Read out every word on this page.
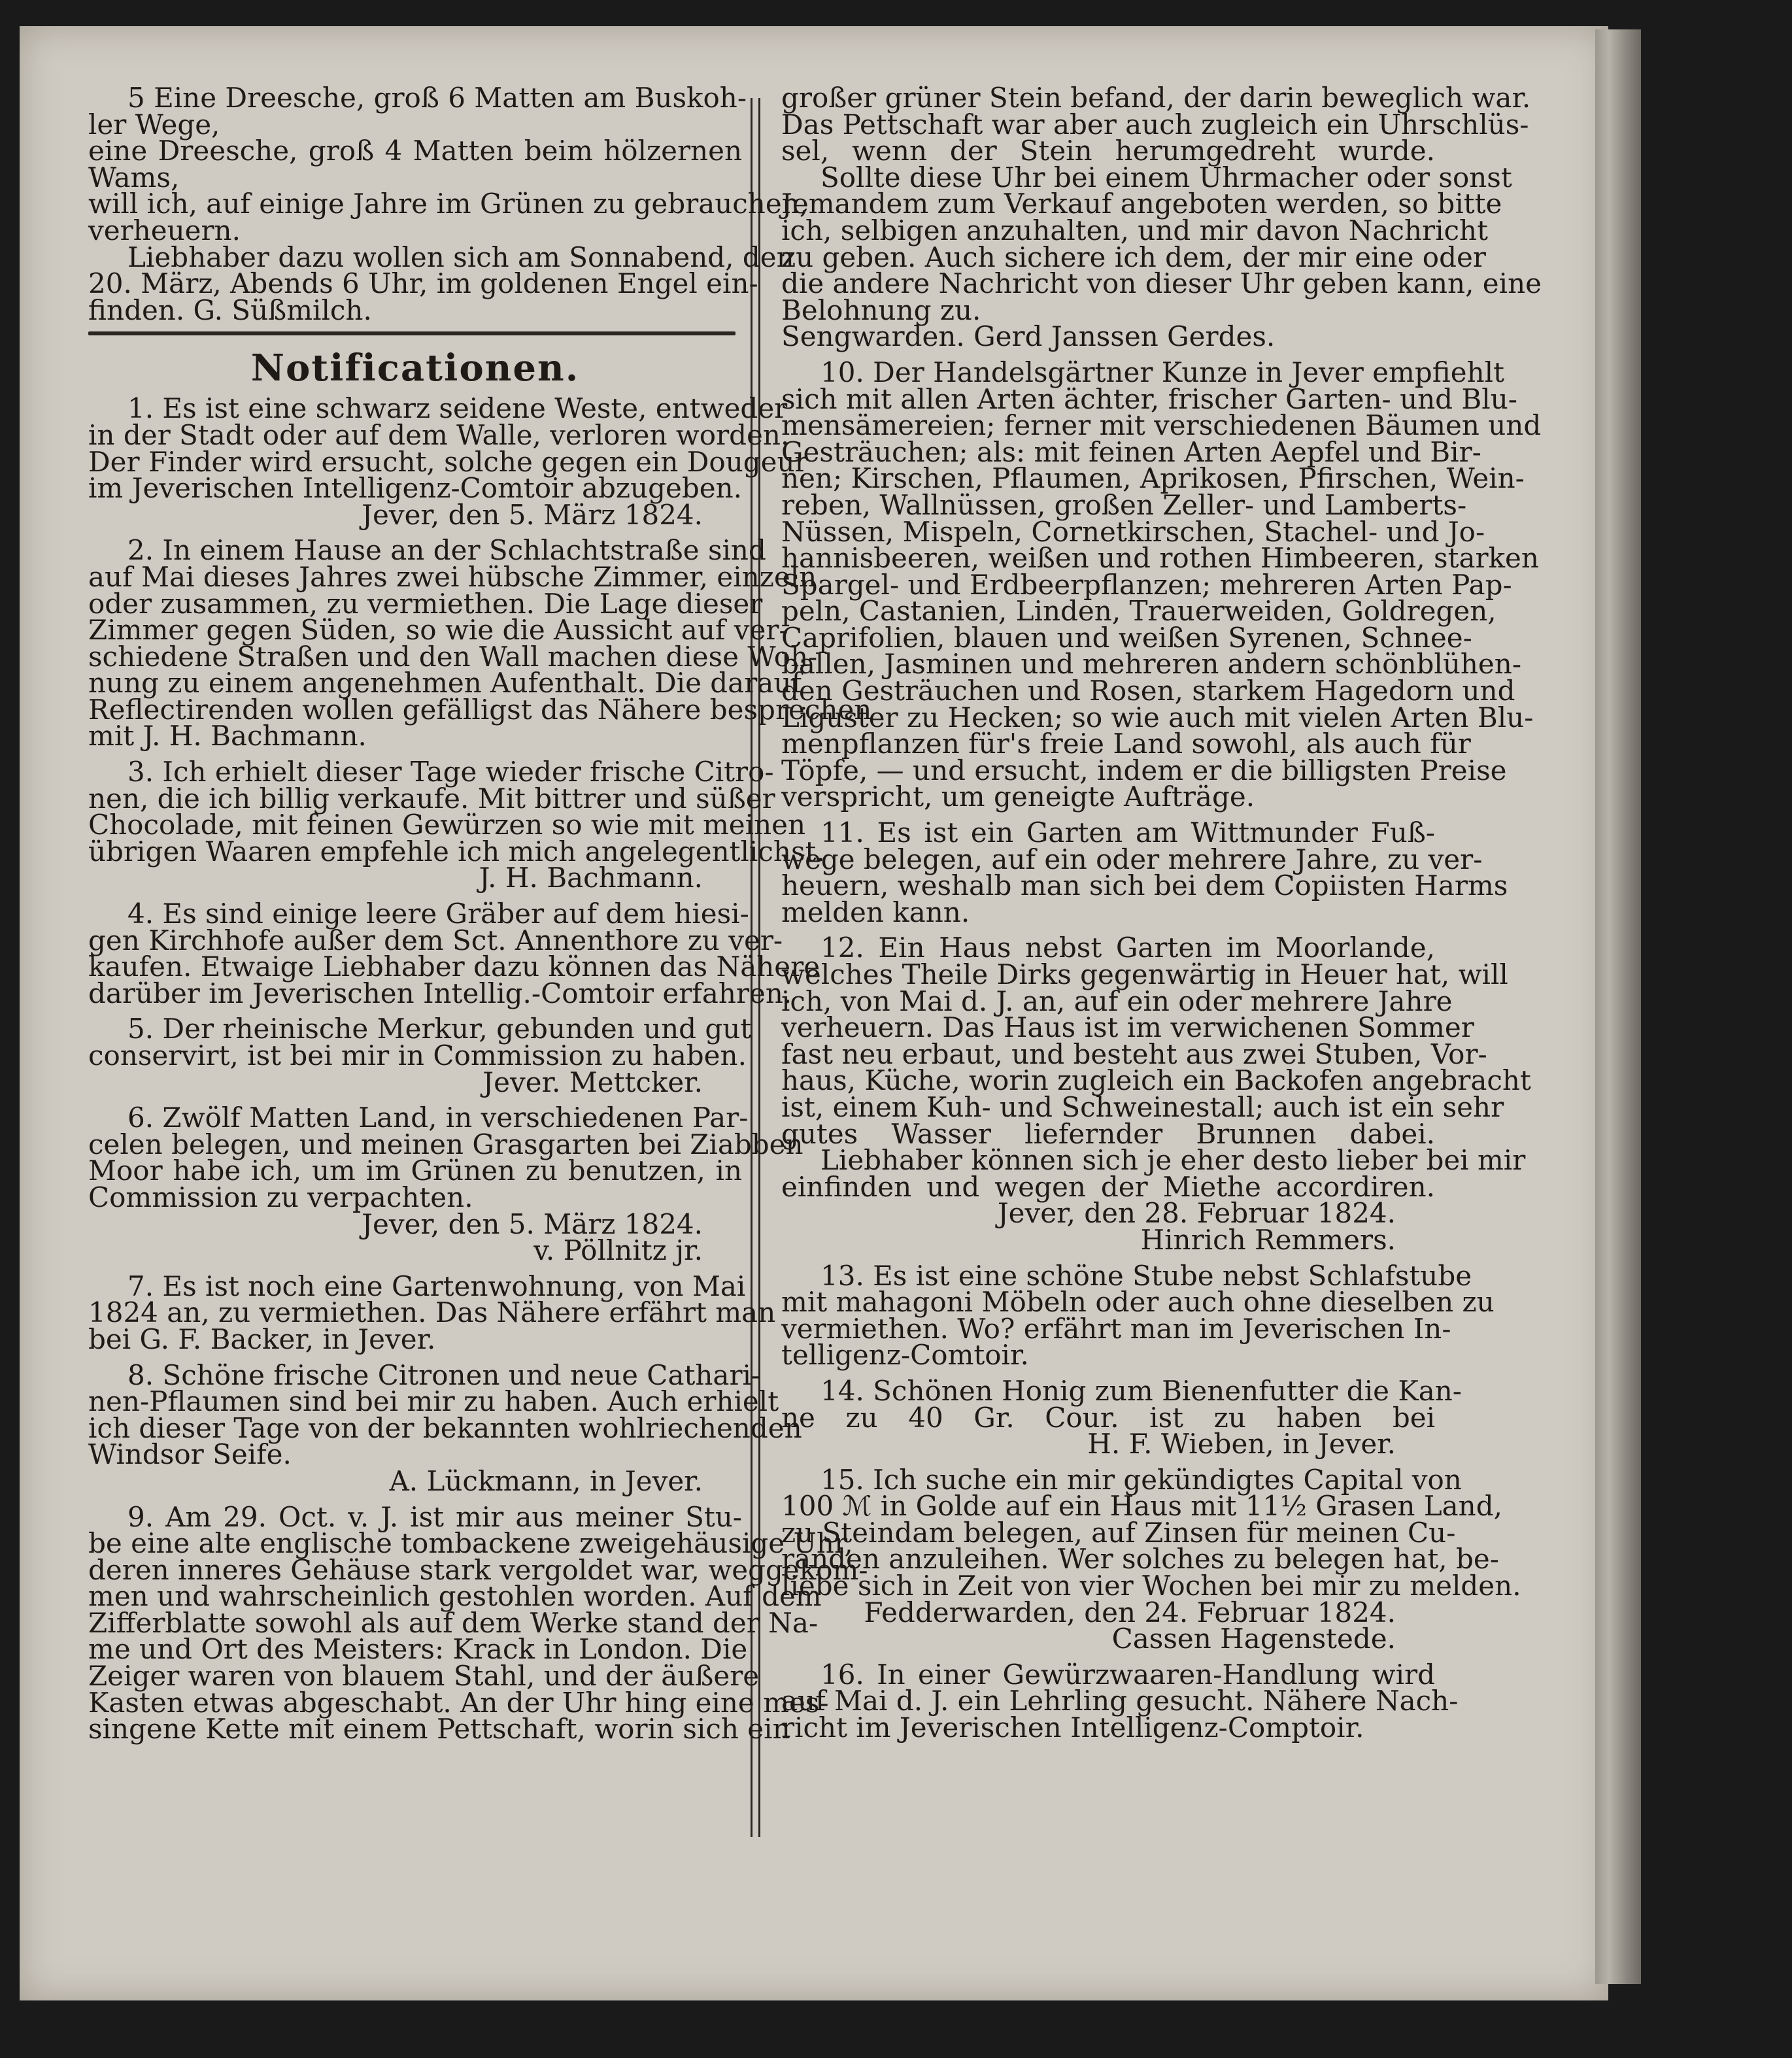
5 Eine Dreesche, groß 6 Matten am Buskoh-
ler Wege,
eine Dreesche, groß 4 Matten beim hölzernen
Wams,
will ich, auf einige Jahre im Grünen zu gebrauchen,
verheuern.
Liebhaber dazu wollen sich am Sonnabend, den
20. März, Abends 6 Uhr, im goldenen Engel ein-
finden. G. Süßmilch.
Notificationen.
1. Es ist eine schwarz seidene Weste, entweder
in der Stadt oder auf dem Walle, verloren worden.
Der Finder wird ersucht, solche gegen ein Dougeur
im Jeverischen Intelligenz-Comtoir abzugeben.
Jever, den 5. März 1824.
2. In einem Hause an der Schlachtstraße sind
auf Mai dieses Jahres zwei hübsche Zimmer, einzeln
oder zusammen, zu vermiethen. Die Lage dieser
Zimmer gegen Süden, so wie die Aussicht auf ver-
schiedene Straßen und den Wall machen diese Woh-
nung zu einem angenehmen Aufenthalt. Die darauf
Reflectirenden wollen gefälligst das Nähere besprechen
mit J. H. Bachmann.
3. Ich erhielt dieser Tage wieder frische Citro-
nen, die ich billig verkaufe. Mit bittrer und süßer
Chocolade, mit feinen Gewürzen so wie mit meinen
übrigen Waaren empfehle ich mich angelegentlichst.
J. H. Bachmann.
4. Es sind einige leere Gräber auf dem hiesi-
gen Kirchhofe außer dem Sct. Annenthore zu ver-
kaufen. Etwaige Liebhaber dazu können das Nähere
darüber im Jeverischen Intellig.-Comtoir erfahren.
5. Der rheinische Merkur, gebunden und gut
conservirt, ist bei mir in Commission zu haben.
Jever. Mettcker.
6. Zwölf Matten Land, in verschiedenen Par-
celen belegen, und meinen Grasgarten bei Ziabben
Moor habe ich, um im Grünen zu benutzen, in
Commission zu verpachten.
Jever, den 5. März 1824.
v. Pöllnitz jr.
7. Es ist noch eine Gartenwohnung, von Mai
1824 an, zu vermiethen. Das Nähere erfährt man
bei G. F. Backer, in Jever.
8. Schöne frische Citronen und neue Cathari-
nen-Pflaumen sind bei mir zu haben. Auch erhielt
ich dieser Tage von der bekannten wohlriechenden
Windsor Seife.
A. Lückmann, in Jever.
9. Am 29. Oct. v. J. ist mir aus meiner Stu-
be eine alte englische tombackene zweigehäusige Uhr,
deren inneres Gehäuse stark vergoldet war, weggekom-
men und wahrscheinlich gestohlen worden. Auf dem
Zifferblatte sowohl als auf dem Werke stand der Na-
me und Ort des Meisters: Krack in London. Die
Zeiger waren von blauem Stahl, und der äußere
Kasten etwas abgeschabt. An der Uhr hing eine mes-
singene Kette mit einem Pettschaft, worin sich ein
großer grüner Stein befand, der darin beweglich war.
Das Pettschaft war aber auch zugleich ein Uhrschlüs-
sel, wenn der Stein herumgedreht wurde.
Sollte diese Uhr bei einem Uhrmacher oder sonst
Jemandem zum Verkauf angeboten werden, so bitte
ich, selbigen anzuhalten, und mir davon Nachricht
zu geben. Auch sichere ich dem, der mir eine oder
die andere Nachricht von dieser Uhr geben kann, eine
Belohnung zu.
Sengwarden. Gerd Janssen Gerdes.
10. Der Handelsgärtner Kunze in Jever empfiehlt
sich mit allen Arten ächter, frischer Garten- und Blu-
mensämereien; ferner mit verschiedenen Bäumen und
Gesträuchen; als: mit feinen Arten Aepfel und Bir-
nen; Kirschen, Pflaumen, Aprikosen, Pfirschen, Wein-
reben, Wallnüssen, großen Zeller- und Lamberts-
Nüssen, Mispeln, Cornetkirschen, Stachel- und Jo-
hannisbeeren, weißen und rothen Himbeeren, starken
Spargel- und Erdbeerpflanzen; mehreren Arten Pap-
peln, Castanien, Linden, Trauerweiden, Goldregen,
Caprifolien, blauen und weißen Syrenen, Schnee-
ballen, Jasminen und mehreren andern schönblühen-
den Gesträuchen und Rosen, starkem Hagedorn und
Liguster zu Hecken; so wie auch mit vielen Arten Blu-
menpflanzen für's freie Land sowohl, als auch für
Töpfe, — und ersucht, indem er die billigsten Preise
verspricht, um geneigte Aufträge.
11. Es ist ein Garten am Wittmunder Fuß-
wege belegen, auf ein oder mehrere Jahre, zu ver-
heuern, weshalb man sich bei dem Copiisten Harms
melden kann.
12. Ein Haus nebst Garten im Moorlande,
welches Theile Dirks gegenwärtig in Heuer hat, will
ich, von Mai d. J. an, auf ein oder mehrere Jahre
verheuern. Das Haus ist im verwichenen Sommer
fast neu erbaut, und besteht aus zwei Stuben, Vor-
haus, Küche, worin zugleich ein Backofen angebracht
ist, einem Kuh- und Schweinestall; auch ist ein sehr
gutes Wasser liefernder Brunnen dabei.
Liebhaber können sich je eher desto lieber bei mir
einfinden und wegen der Miethe accordiren.
Jever, den 28. Februar 1824.
Hinrich Remmers.
13. Es ist eine schöne Stube nebst Schlafstube
mit mahagoni Möbeln oder auch ohne dieselben zu
vermiethen. Wo? erfährt man im Jeverischen In-
telligenz-Comtoir.
14. Schönen Honig zum Bienenfutter die Kan-
ne zu 40 Gr. Cour. ist zu haben bei
H. F. Wieben, in Jever.
15. Ich suche ein mir gekündigtes Capital von
100 ℳ in Golde auf ein Haus mit 11½ Grasen Land,
zu Steindam belegen, auf Zinsen für meinen Cu-
randen anzuleihen. Wer solches zu belegen hat, be-
liebe sich in Zeit von vier Wochen bei mir zu melden.
Fedderwarden, den 24. Februar 1824.
Cassen Hagenstede.
16. In einer Gewürzwaaren-Handlung wird
auf Mai d. J. ein Lehrling gesucht. Nähere Nach-
richt im Jeverischen Intelligenz-Comptoir.
